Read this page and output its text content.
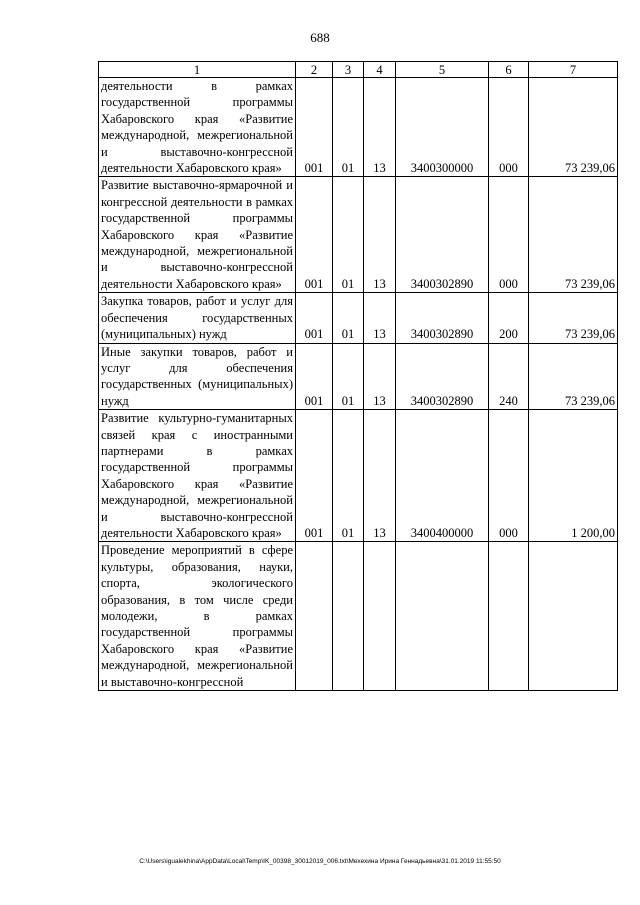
688
1	2	3	4	5	6	7
деятельности в рамках государственной программы Хабаровского края «Развитие международной, межрегиональной и выставочно-конгрессной деятельности Хабаровского края»	001	01	13	3400300000	000	73 239,06
Развитие выставочно-ярмарочной и конгрессной деятельности в рамках государственной программы Хабаровского края «Развитие международной, межрегиональной и выставочно-конгрессной деятельности Хабаровского края»	001	01	13	3400302890	000	73 239,06
Закупка товаров, работ и услуг для обеспечения государственных (муниципальных) нужд	001	01	13	3400302890	200	73 239,06
Иные закупки товаров, работ и услуг для обеспечения государственных (муниципальных) нужд	001	01	13	3400302890	240	73 239,06
Развитие культурно-гуманитарных связей края с иностранными партнерами в рамках государственной программы Хабаровского края «Развитие международной, межрегиональной и выставочно-конгрессной деятельности Хабаровского края»	001	01	13	3400400000	000	1 200,00
Проведение мероприятий в сфере культуры, образования, науки, спорта, экологического образования, в том числе среди молодежи, в рамках государственной программы Хабаровского края «Развитие международной, межрегиональной и выставочно-конгрессной						
C:\Users\igualekhina\AppData\Local\Temp\IK_00398_30012019_006.txt\Мехехина Ирина Геннадьевна\31.01.2019 11:55:50
